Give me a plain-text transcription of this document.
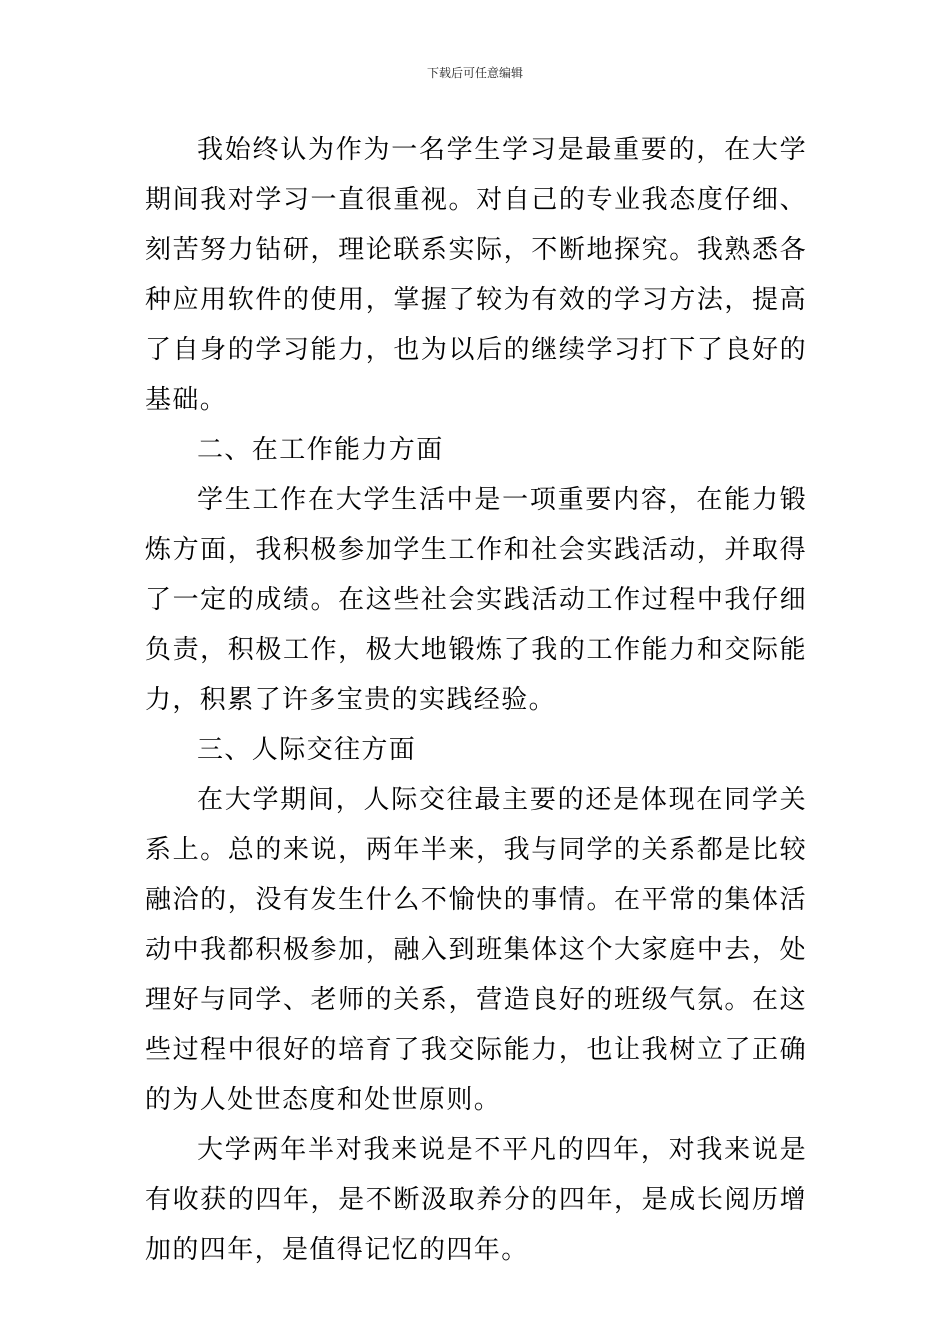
下载后可任意编辑

我始终认为作为一名学生学习是最重要的，在大学期间我对学习一直很重视。对自己的专业我态度仔细、刻苦努力钻研，理论联系实际，不断地探究。我熟悉各种应用软件的使用，掌握了较为有效的学习方法，提高了自身的学习能力，也为以后的继续学习打下了良好的基础。

二、在工作能力方面

学生工作在大学生活中是一项重要内容，在能力锻炼方面，我积极参加学生工作和社会实践活动，并取得了一定的成绩。在这些社会实践活动工作过程中我仔细负责，积极工作，极大地锻炼了我的工作能力和交际能力，积累了许多宝贵的实践经验。

三、人际交往方面

在大学期间，人际交往最主要的还是体现在同学关系上。总的来说，两年半来，我与同学的关系都是比较融洽的，没有发生什么不愉快的事情。在平常的集体活动中我都积极参加，融入到班集体这个大家庭中去，处理好与同学、老师的关系，营造良好的班级气氛。在这些过程中很好的培育了我交际能力，也让我树立了正确的为人处世态度和处世原则。

大学两年半对我来说是不平凡的四年，对我来说是有收获的四年，是不断汲取养分的四年，是成长阅历增加的四年，是值得记忆的四年。
